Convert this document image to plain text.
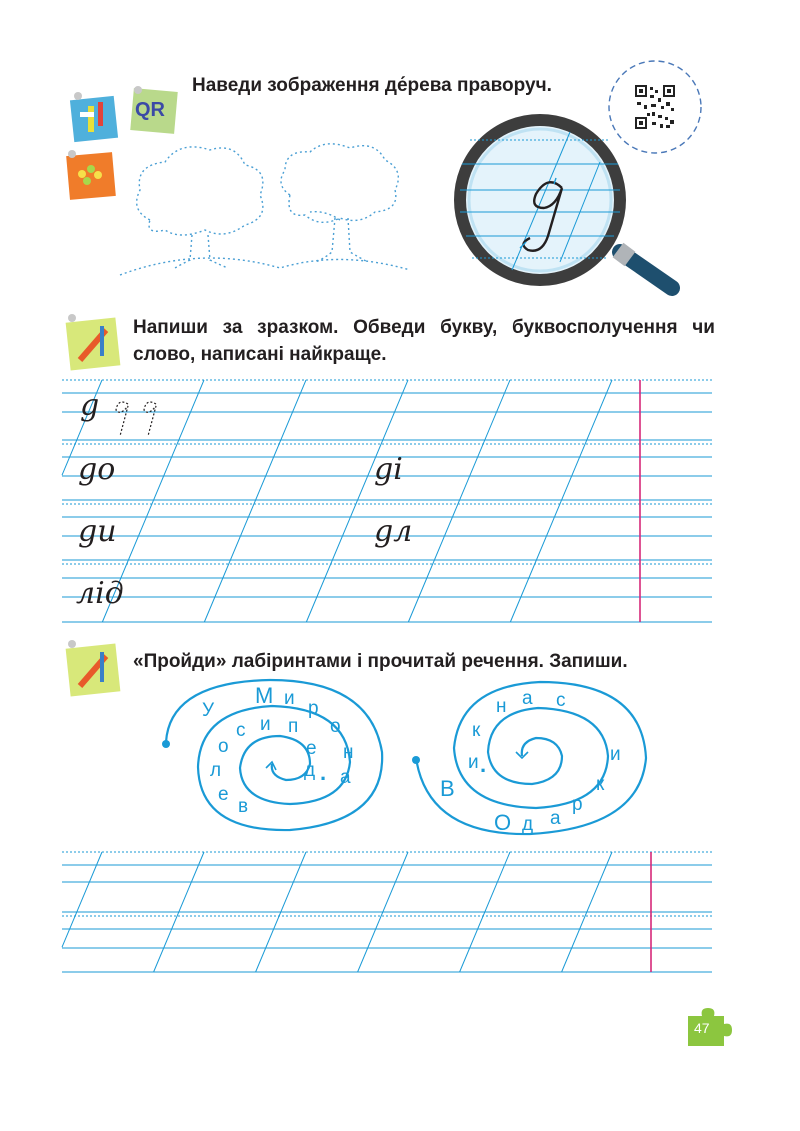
QR
Наведи зображення де́рева праворуч.
Напиши за зразком. Обведи букву, буквосполучення чи слово, написані найкраще.
g
go	gi
gu	gл
лiд
«Пройди» лабіринтами і прочитай речення. Запиши.
У
М и р
о
н
а
д .
е
п
и
с
о
л
е
в
В
и .
к
н а с
и
к
р
а
д
О
47
